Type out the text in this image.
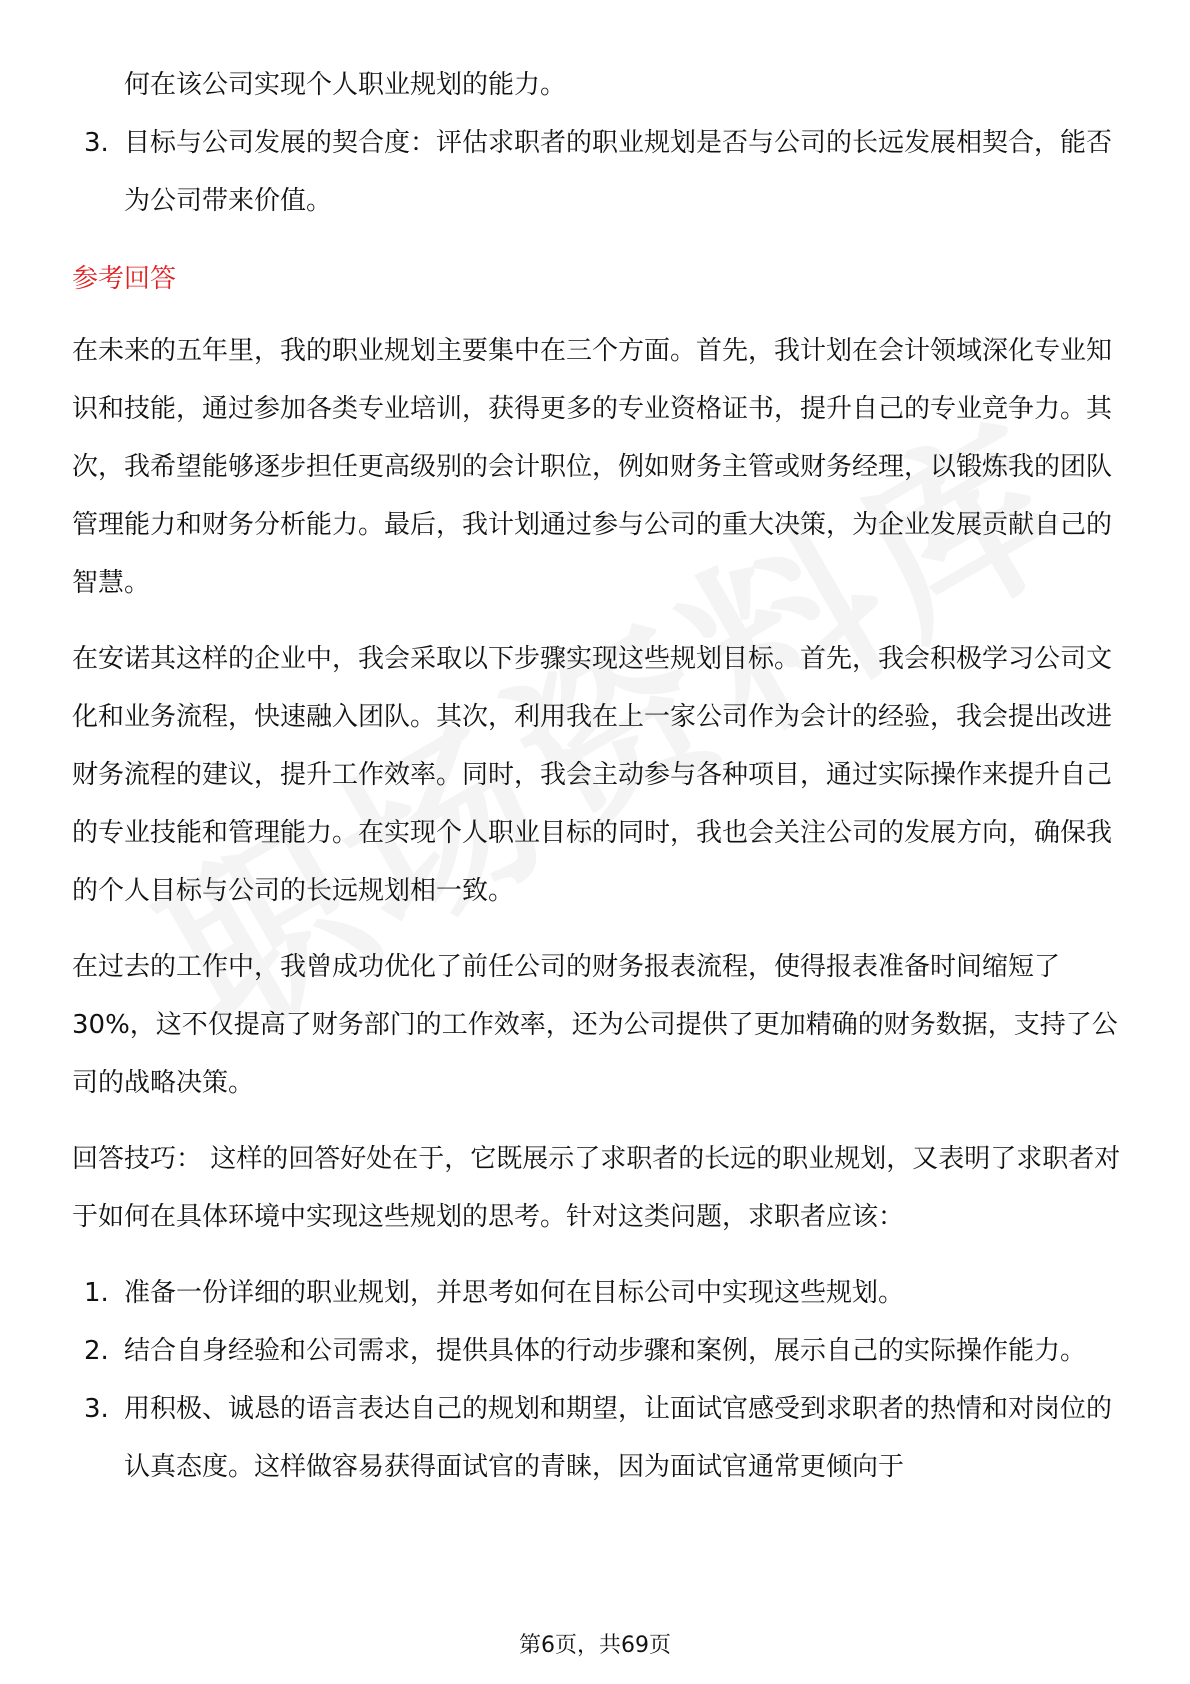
何在该公司实现个人职业规划的能力。
3. 目标与公司发展的契合度：评估求职者的职业规划是否与公司的长远发展相契合，能否为公司带来价值。
参考回答

在未来的五年里，我的职业规划主要集中在三个方面。首先，我计划在会计领域深化专业知识和技能，通过参加各类专业培训，获得更多的专业资格证书，提升自己的专业竞争力。其次，我希望能够逐步担任更高级别的会计职位，例如财务主管或财务经理，以锻炼我的团队管理能力和财务分析能力。最后，我计划通过参与公司的重大决策，为企业发展贡献自己的智慧。

在安诺其这样的企业中，我会采取以下步骤实现这些规划目标。首先，我会积极学习公司文化和业务流程，快速融入团队。其次，利用我在上一家公司作为会计的经验，我会提出改进财务流程的建议，提升工作效率。同时，我会主动参与各种项目，通过实际操作来提升自己的专业技能和管理能力。在实现个人职业目标的同时，我也会关注公司的发展方向，确保我的个人目标与公司的长远规划相一致。

在过去的工作中，我曾成功优化了前任公司的财务报表流程，使得报表准备时间缩短了30%，这不仅提高了财务部门的工作效率，还为公司提供了更加精确的财务数据，支持了公司的战略决策。

回答技巧： 这样的回答好处在于，它既展示了求职者的长远的职业规划，又表明了求职者对于如何在具体环境中实现这些规划的思考。针对这类问题，求职者应该：

1. 准备一份详细的职业规划，并思考如何在目标公司中实现这些规划。
2. 结合自身经验和公司需求，提供具体的行动步骤和案例，展示自己的实际操作能力。
3. 用积极、诚恳的语言表达自己的规划和期望，让面试官感受到求职者的热情和对岗位的认真态度。这样做容易获得面试官的青睐，因为面试官通常更倾向于
第6页，共69页
